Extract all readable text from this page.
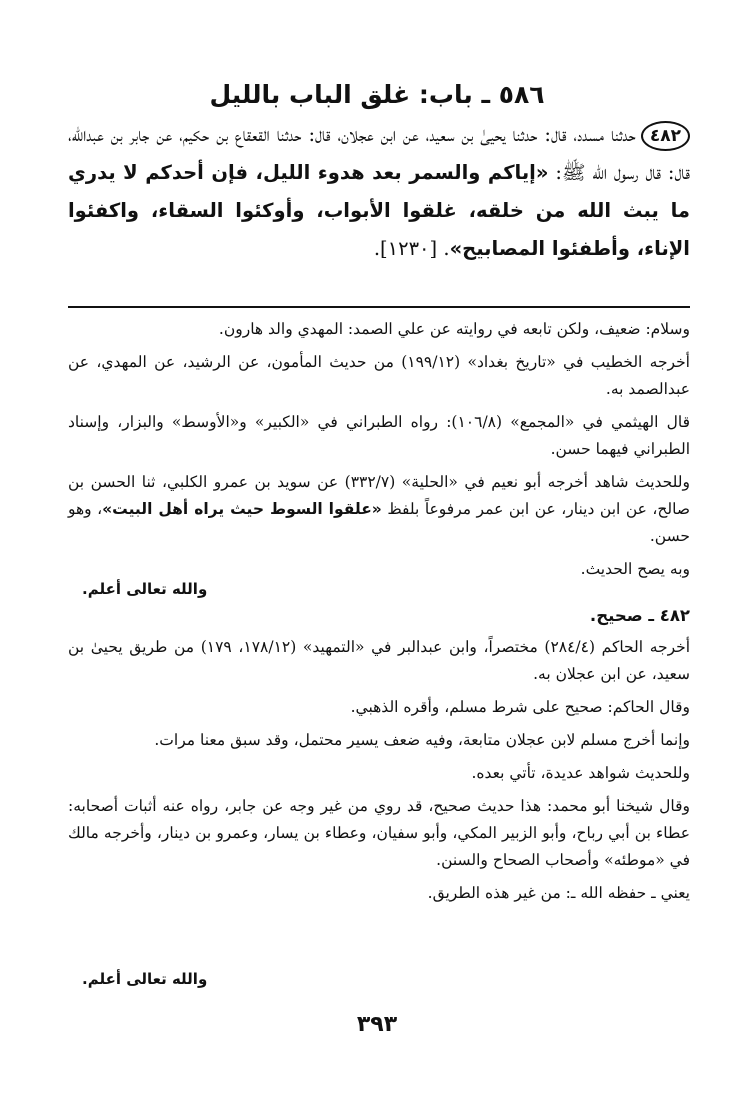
٥٨٦ ـ باب: غلق الباب بالليل
٤٨٢حدثنا مسدد، قال: حدثنا يحيىٰ بن سعيد، عن ابن عجلان، قال: حدثنا القعقاع بن حكيم، عن جابر بن عبدالله، قال: قال رسول الله ﷺ: «إياكم والسمر بعد هدوء الليل، فإن أحدكم لا يدري ما يبث الله من خلقه، غلقوا الأبواب، وأوكئوا السقاء، واكفئوا الإناء، وأطفئوا المصابيح». [١٢٣٠].

وسلام: ضعيف، ولكن تابعه في روايته عن علي الصمد: المهدي والد هارون.

أخرجه الخطيب في «تاريخ بغداد» (١٩٩/١٢) من حديث المأمون، عن الرشيد، عن المهدي، عن عبدالصمد به.

قال الهيثمي في «المجمع» (١٠٦/٨): رواه الطبراني في «الكبير» و«الأوسط» والبزار، وإسناد الطبراني فيهما حسن.

وللحديث شاهد أخرجه أبو نعيم في «الحلية» (٣٣٢/٧) عن سويد بن عمرو الكلبي، ثنا الحسن بن صالح، عن ابن دينار، عن ابن عمر مرفوعاً بلفظ «علقوا السوط حيث يراه أهل البيت»، وهو حسن.

وبه يصح الحديث.

والله تعالى أعلم.
٤٨٢ ـ صحيح.

أخرجه الحاكم (٢٨٤/٤) مختصراً، وابن عبدالبر في «التمهيد» (١٧٨/١٢، ١٧٩) من طريق يحيىٰ بن سعيد، عن ابن عجلان به.

وقال الحاكم: صحيح على شرط مسلم، وأقره الذهبي.

وإنما أخرج مسلم لابن عجلان متابعة، وفيه ضعف يسير محتمل، وقد سبق معنا مرات.

وللحديث شواهد عديدة، تأتي بعده.

وقال شيخنا أبو محمد: هذا حديث صحيح، قد روي من غير وجه عن جابر، رواه عنه أثبات أصحابه: عطاء بن أبي رباح، وأبو الزبير المكي، وأبو سفيان، وعطاء بن يسار، وعمرو بن دينار، وأخرجه مالك في «موطئه» وأصحاب الصحاح والسنن.

يعني ـ حفظه الله ـ: من غير هذه الطريق.

والله تعالى أعلم.
٣٩٣
